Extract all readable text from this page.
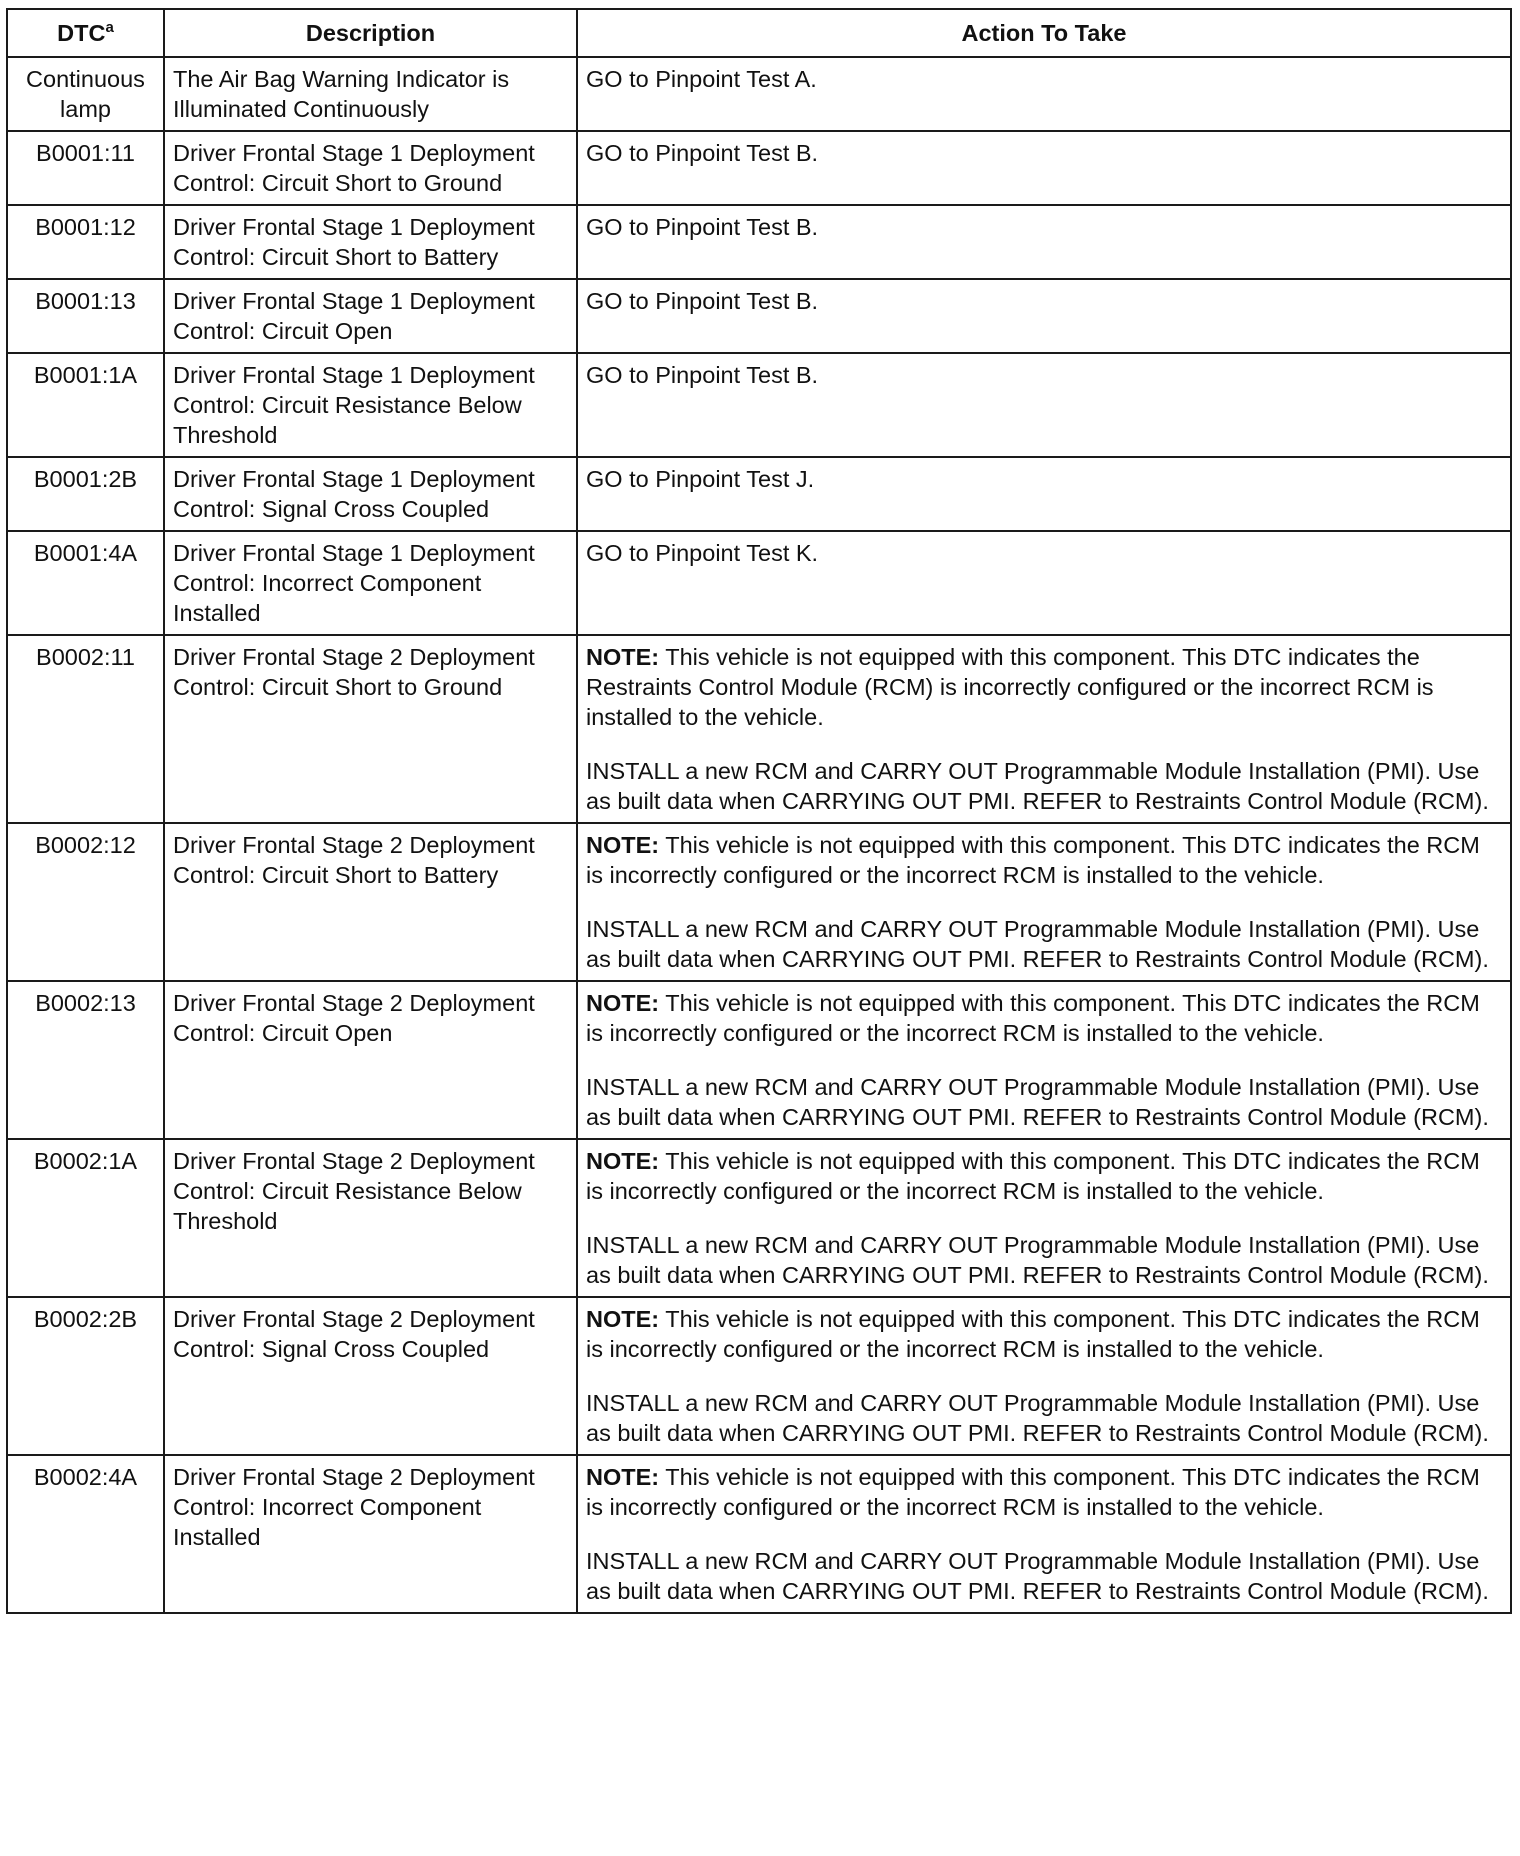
DTC$^a$	Description	Action To Take
Continuous lamp	The Air Bag Warning Indicator is Illuminated Continuously	GO to Pinpoint Test A.
B0001:11	Driver Frontal Stage 1 Deployment Control: Circuit Short to Ground	GO to Pinpoint Test B.
B0001:12	Driver Frontal Stage 1 Deployment Control: Circuit Short to Battery	GO to Pinpoint Test B.
B0001:13	Driver Frontal Stage 1 Deployment Control: Circuit Open	GO to Pinpoint Test B.
B0001:1A	Driver Frontal Stage 1 Deployment Control: Circuit Resistance Below Threshold	GO to Pinpoint Test B.
B0001:2B	Driver Frontal Stage 1 Deployment Control: Signal Cross Coupled	GO to Pinpoint Test J.
B0001:4A	Driver Frontal Stage 1 Deployment Control: Incorrect Component Installed	GO to Pinpoint Test K.
B0002:11	Driver Frontal Stage 2 Deployment Control: Circuit Short to Ground	NOTE: This vehicle is not equipped with this component. This DTC indicates the Restraints Control Module (RCM) is incorrectly configured or the incorrect RCM is installed to the vehicle.

INSTALL a new RCM and CARRY OUT Programmable Module Installation (PMI). Use as built data when CARRYING OUT PMI. REFER to Restraints Control Module (RCM).

B0002:12	Driver Frontal Stage 2 Deployment Control: Circuit Short to Battery	NOTE: This vehicle is not equipped with this component. This DTC indicates the RCM is incorrectly configured or the incorrect RCM is installed to the vehicle.

INSTALL a new RCM and CARRY OUT Programmable Module Installation (PMI). Use as built data when CARRYING OUT PMI. REFER to Restraints Control Module (RCM).

B0002:13	Driver Frontal Stage 2 Deployment Control: Circuit Open	NOTE: This vehicle is not equipped with this component. This DTC indicates the RCM is incorrectly configured or the incorrect RCM is installed to the vehicle.

INSTALL a new RCM and CARRY OUT Programmable Module Installation (PMI). Use as built data when CARRYING OUT PMI. REFER to Restraints Control Module (RCM).

B0002:1A	Driver Frontal Stage 2 Deployment Control: Circuit Resistance Below Threshold	NOTE: This vehicle is not equipped with this component. This DTC indicates the RCM is incorrectly configured or the incorrect RCM is installed to the vehicle.

INSTALL a new RCM and CARRY OUT Programmable Module Installation (PMI). Use as built data when CARRYING OUT PMI. REFER to Restraints Control Module (RCM).

B0002:2B	Driver Frontal Stage 2 Deployment Control: Signal Cross Coupled	NOTE: This vehicle is not equipped with this component. This DTC indicates the RCM is incorrectly configured or the incorrect RCM is installed to the vehicle.

INSTALL a new RCM and CARRY OUT Programmable Module Installation (PMI). Use as built data when CARRYING OUT PMI. REFER to Restraints Control Module (RCM).

B0002:4A	Driver Frontal Stage 2 Deployment Control: Incorrect Component Installed	NOTE: This vehicle is not equipped with this component. This DTC indicates the RCM is incorrectly configured or the incorrect RCM is installed to the vehicle.

INSTALL a new RCM and CARRY OUT Programmable Module Installation (PMI). Use as built data when CARRYING OUT PMI. REFER to Restraints Control Module (RCM).
